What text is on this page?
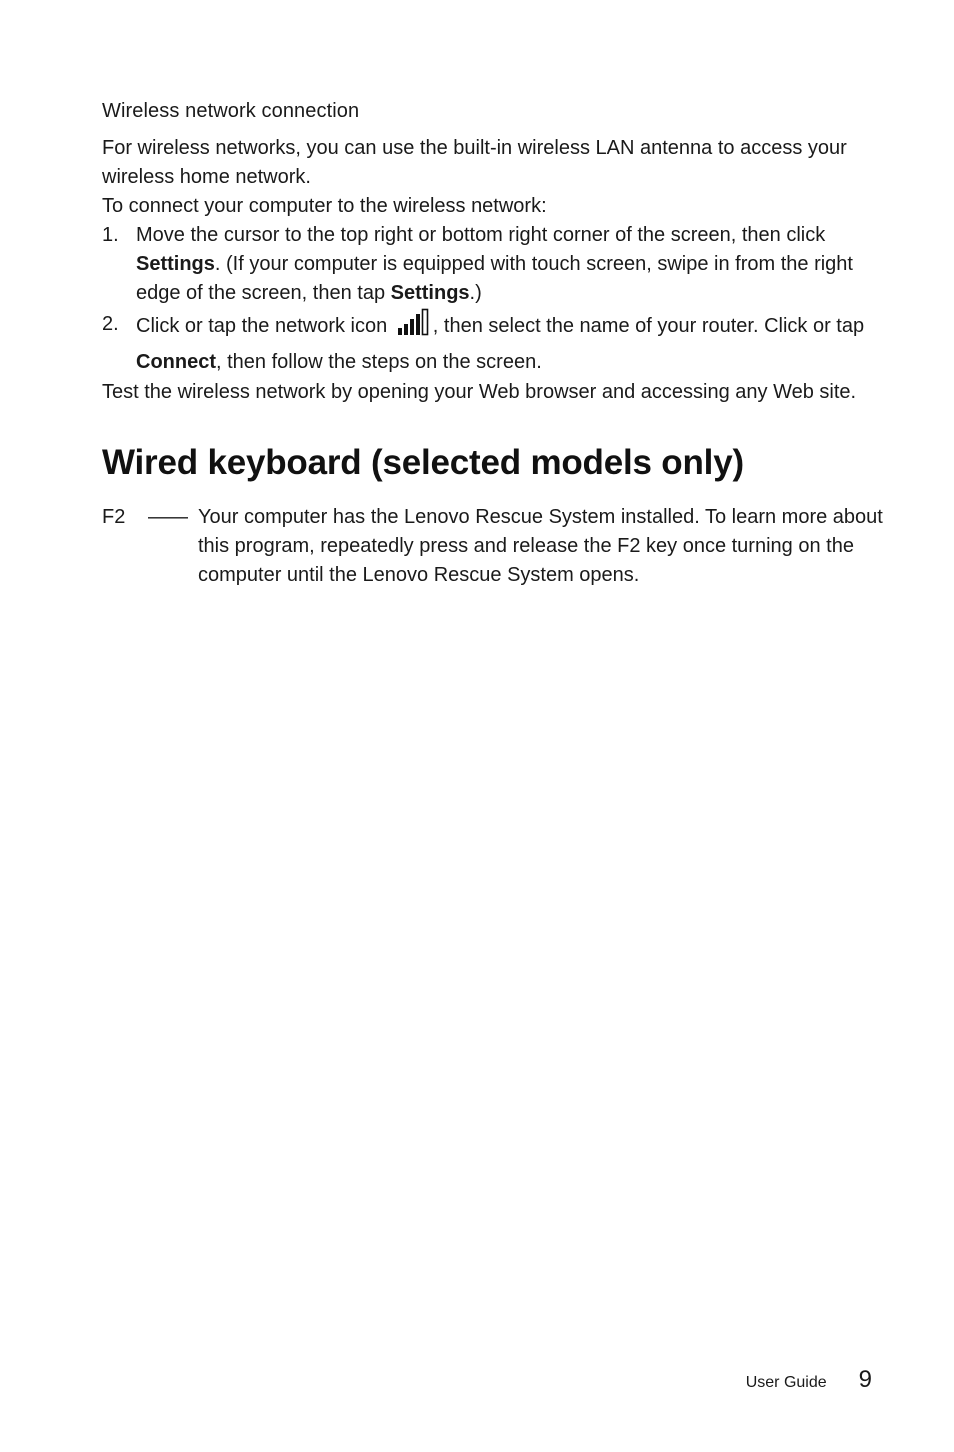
Wireless network connection

For wireless networks, you can use the built-in wireless LAN antenna to access your wireless home network.

To connect your computer to the wireless network:

1. Move the cursor to the top right or bottom right corner of the screen, then click Settings. (If your computer is equipped with touch screen, swipe in from the right edge of the screen, then tap Settings.)
2. Click or tap the network icon , then select the name of your router. Click or tap Connect, then follow the steps on the screen.

Test the wireless network by opening your Web browser and accessing any Web site.

Wired keyboard (selected models only)
F2 —— Your computer has the Lenovo Rescue System installed. To learn more about this program, repeatedly press and release the F2 key once turning on the computer until the Lenovo Rescue System opens.
User Guide 9
